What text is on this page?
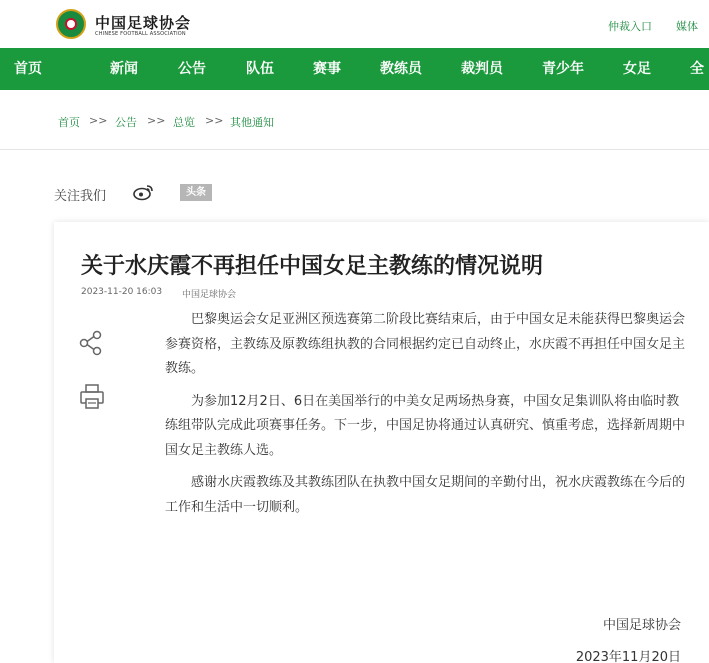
中国足球协会
CHINESE FOOTBALL ASSOCIATION
仲裁入口 媒体
首页	新闻	公告	队伍	赛事	教练员	裁判员	青少年	女足	全
首页 >> 公告 >> 总览 >> 其他通知
关注我们	头条
关于水庆霞不再担任中国女足主教练的情况说明
2023-11-20 16:03 中国足球协会

巴黎奥运会女足亚洲区预选赛第二阶段比赛结束后，由于中国女足未能获得巴黎奥运会参赛资格，主教练及原教练组执教的合同根据约定已自动终止，水庆霞不再担任中国女足主教练。

为参加12月2日、6日在美国举行的中美女足两场热身赛，中国女足集训队将由临时教练组带队完成此项赛事任务。下一步，中国足协将通过认真研究、慎重考虑，选择新周期中国女足主教练人选。

感谢水庆霞教练及其教练团队在执教中国女足期间的辛勤付出，祝水庆霞教练在今后的工作和生活中一切顺利。

中国足球协会
2023年11月20日
